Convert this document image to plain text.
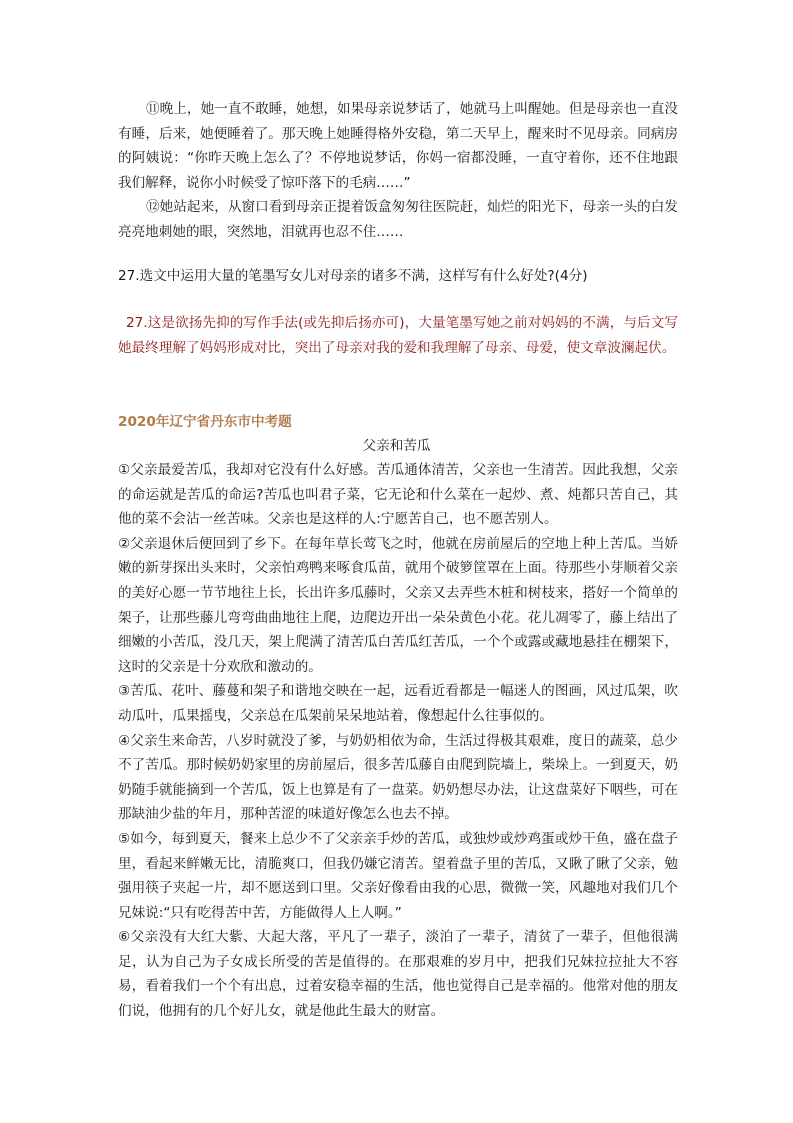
⑪晚上，她一直不敢睡，她想，如果母亲说梦话了，她就马上叫醒她。但是母亲也一直没有睡，后来，她便睡着了。那天晚上她睡得格外安稳，第二天早上，醒来时不见母亲。同病房的阿姨说：“你昨天晚上怎么了？不停地说梦话，你妈一宿都没睡，一直守着你，还不住地跟我们解释，说你小时候受了惊吓落下的毛病……”

⑫她站起来，从窗口看到母亲正提着饭盒匆匆往医院赶，灿烂的阳光下，母亲一头的白发亮亮地刺她的眼，突然地，泪就再也忍不住……

27.选文中运用大量的笔墨写女儿对母亲的诸多不满，这样写有什么好处?(4分)
27.这是欲扬先抑的写作手法(或先抑后扬亦可)，大量笔墨写她之前对妈妈的不满，与后文写她最终理解了妈妈形成对比，突出了母亲对我的爱和我理解了母亲、母爱，使文章波澜起伏。
2020年辽宁省丹东市中考题
父亲和苦瓜

①父亲最爱苦瓜，我却对它没有什么好感。苦瓜通体清苦，父亲也一生清苦。因此我想，父亲的命运就是苦瓜的命运?苦瓜也叫君子菜，它无论和什么菜在一起炒、煮、炖都只苦自己，其他的菜不会沾一丝苦味。父亲也是这样的人:宁愿苦自己，也不愿苦别人。

②父亲退休后便回到了乡下。在每年草长莺飞之时，他就在房前屋后的空地上种上苦瓜。当娇嫩的新芽探出头来时，父亲怕鸡鸭来啄食瓜苗，就用个破箩筐罩在上面。待那些小芽顺着父亲的美好心愿一节节地往上长，长出许多瓜藤时，父亲又去弄些木桩和树枝来，搭好一个简单的架子，让那些藤儿弯弯曲曲地往上爬，边爬边开出一朵朵黄色小花。花儿凋零了，藤上结出了细嫩的小苦瓜，没几天，架上爬满了清苦瓜白苦瓜红苦瓜，一个个或露或藏地悬挂在棚架下，这时的父亲是十分欢欣和激动的。

③苦瓜、花叶、藤蔓和架子和谐地交映在一起，远看近看都是一幅迷人的图画，风过瓜架，吹动瓜叶，瓜果摇曳，父亲总在瓜架前呆呆地站着，像想起什么往事似的。

④父亲生来命苦，八岁时就没了爹，与奶奶相依为命，生活过得极其艰难，度日的蔬菜，总少不了苦瓜。那时候奶奶家里的房前屋后，很多苦瓜藤自由爬到院墙上，柴垛上。一到夏天，奶奶随手就能摘到一个苦瓜，饭上也算是有了一盘菜。奶奶想尽办法，让这盘菜好下咽些，可在那缺油少盐的年月，那种苦涩的味道好像怎么也去不掉。

⑤如今，每到夏天，餐来上总少不了父亲亲手炒的苦瓜，或独炒或炒鸡蛋或炒干鱼，盛在盘子里，看起来鲜嫩无比，清脆爽口，但我仍嫌它清苦。望着盘子里的苦瓜，又瞅了瞅了父亲，勉强用筷子夹起一片，却不愿送到口里。父亲好像看由我的心思，微微一笑，风趣地对我们几个兄妹说:“只有吃得苦中苦，方能做得人上人啊。”

⑥父亲没有大红大紫、大起大落，平凡了一辈子，淡泊了一辈子，清贫了一辈子，但他很满足，认为自己为子女成长所受的苦是值得的。在那艰难的岁月中，把我们兄妹拉拉扯大不容易，看着我们一个个有出息，过着安稳幸福的生活，他也觉得自己是幸福的。他常对他的朋友们说，他拥有的几个好儿女，就是他此生最大的财富。
